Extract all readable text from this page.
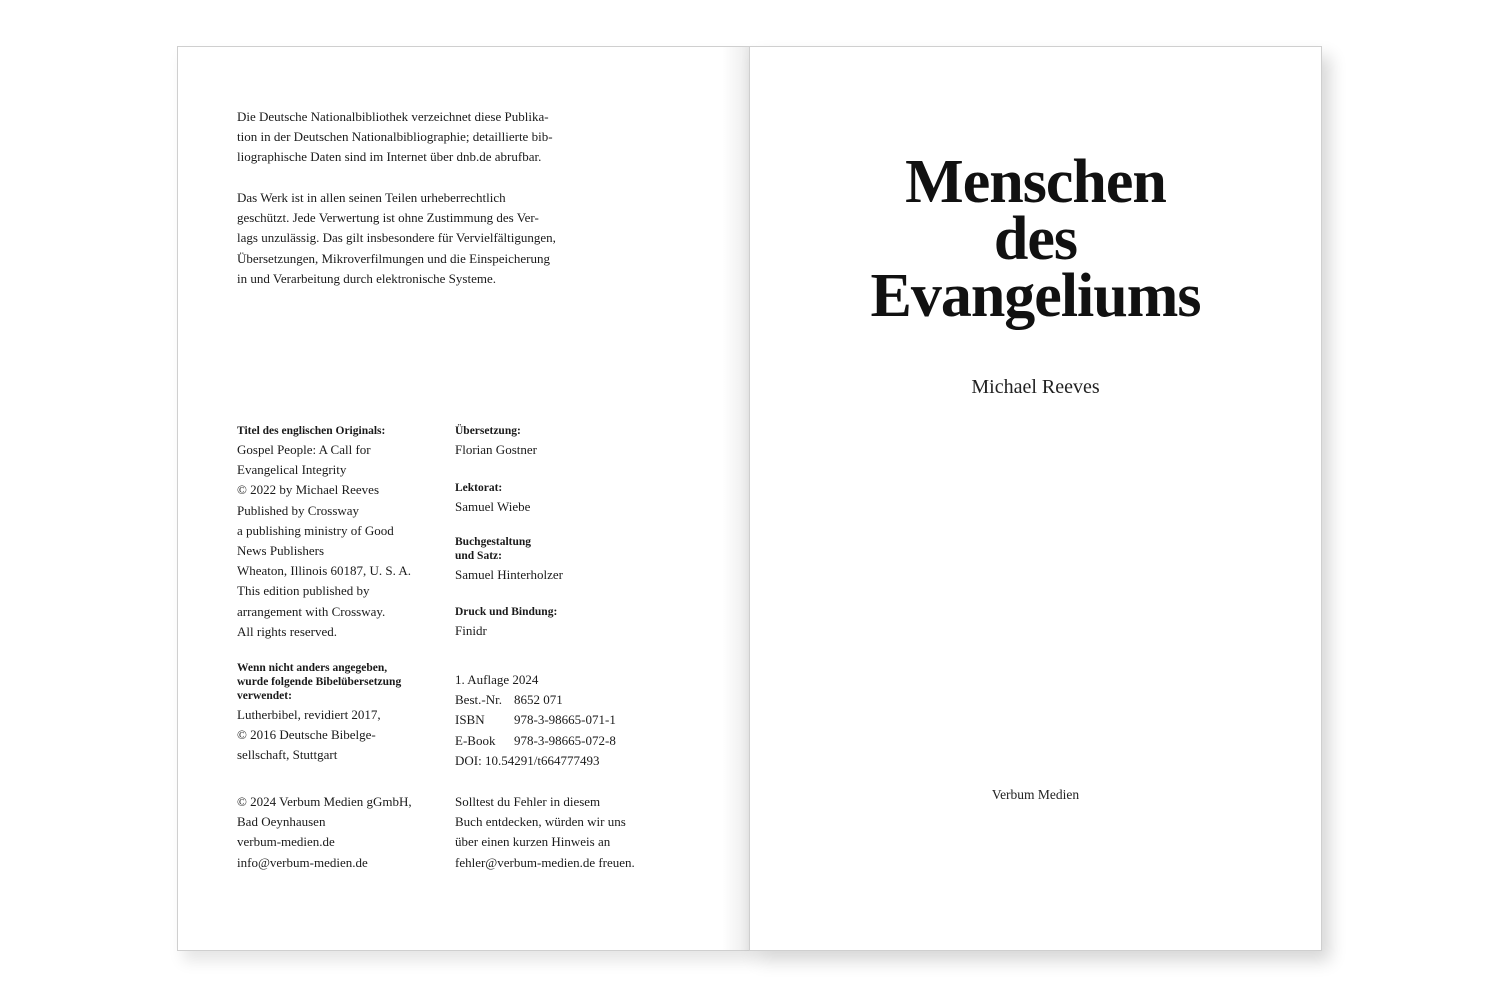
Die Deutsche Nationalbibliothek verzeichnet diese Publika-
tion in der Deutschen Nationalbibliographie; detaillierte bib-
liographische Daten sind im Internet über dnb.de abrufbar.

Das Werk ist in allen seinen Teilen urheberrechtlich
geschützt. Jede Verwertung ist ohne Zustimmung des Ver-
lags unzulässig. Das gilt insbesondere für Vervielfältigungen,
Übersetzungen, Mikroverfilmungen und die Einspeicherung
in und Verarbeitung durch elektronische Systeme.

Titel des englischen Originals:

Gospel People: A Call for
Evangelical Integrity
© 2022 by Michael Reeves
Published by Crossway
a publishing ministry of Good
News Publishers
Wheaton, Illinois 60187, U. S. A.
This edition published by
arrangement with Crossway.
All rights reserved.

Wenn nicht anders angegeben,
wurde folgende Bibelübersetzung
verwendet:

Lutherbibel, revidiert 2017,
© 2016 Deutsche Bibelge-
sellschaft, Stuttgart

© 2024 Verbum Medien gGmbH,
Bad Oeynhausen
verbum-medien.de
info@verbum-medien.de

Übersetzung:

Florian Gostner

Lektorat:

Samuel Wiebe

Buchgestaltung
und Satz:

Samuel Hinterholzer

Druck und Bindung:

Finidr

1. Auflage 2024

Best.-Nr. 8652 071
ISBN	978-3-98665-071-1
E-Book	978-3-98665-072-8

DOI: 10.54291/t664777493

Solltest du Fehler in diesem
Buch entdecken, würden wir uns
über einen kurzen Hinweis an
fehler@verbum-medien.de freuen.

Menschen
des
Evangeliums

Michael Reeves

Verbum Medien
